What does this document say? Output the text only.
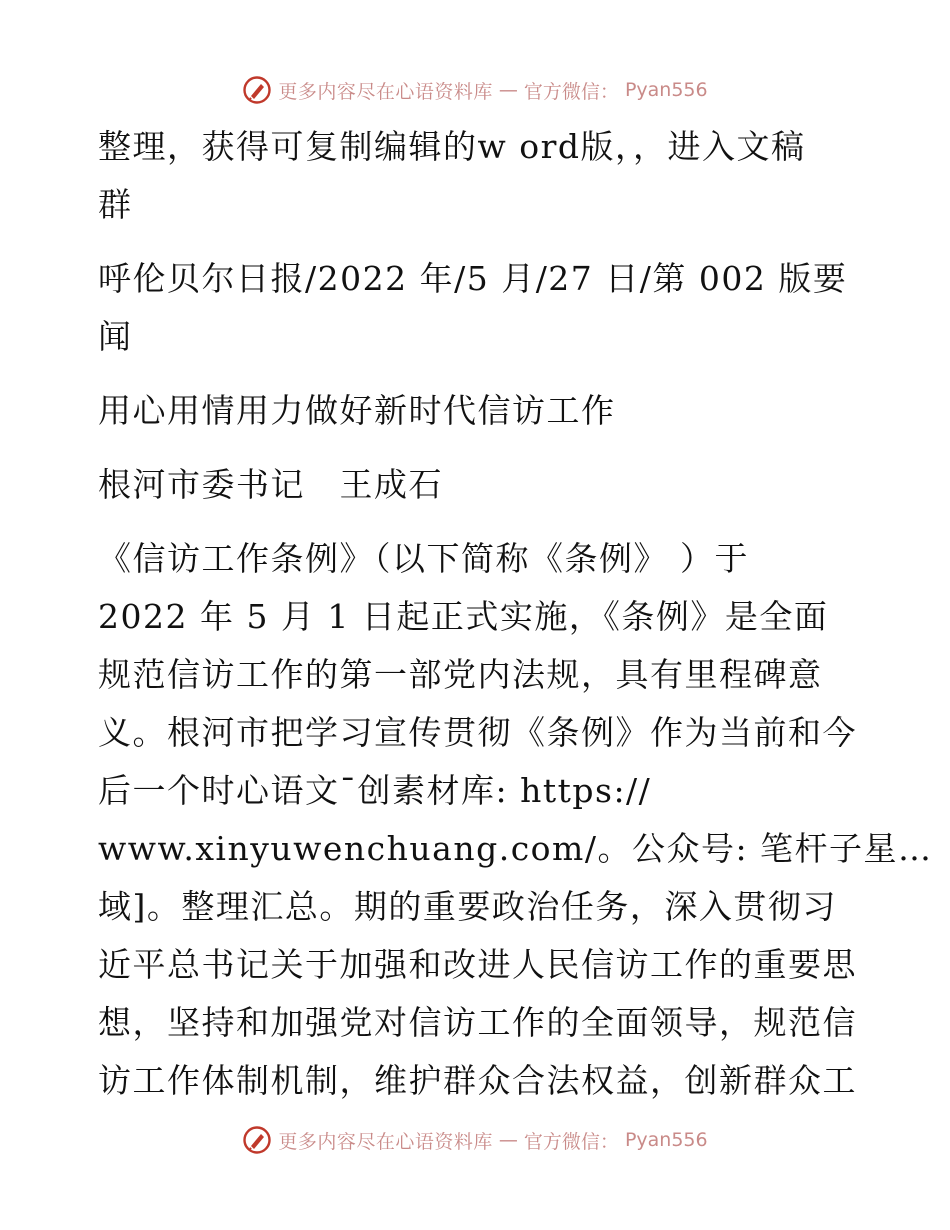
更多内容尽在心语资料库 — 官方微信： Pyan556
整理，获得可复制编辑的w ord版，，进入文稿
群
呼伦贝尔日报/2022 年/5 月/27 日/第 002 版要
闻
用心用情用力做好新时代信访工作
根河市委书记　王成石
《信访工作条例》（以下简称《条例》 ）于
2022 年 5 月 1 日起正式实施，《条例》是全面
规范信访工作的第一部党内法规，具有里程碑意
义。根河市把学习宣传贯彻《条例》作为当前和今
后一个时心语文¯创素材库: https://
www.xinyuwenchuang.com/。公众号: 笔杆子星…
域]。整理汇总。期的重要政治任务，深入贯彻习
近平总书记关于加强和改进人民信访工作的重要思
想，坚持和加强党对信访工作的全面领导，规范信
访工作体制机制，维护群众合法权益，创新群众工
更多内容尽在心语资料库 — 官方微信： Pyan556
